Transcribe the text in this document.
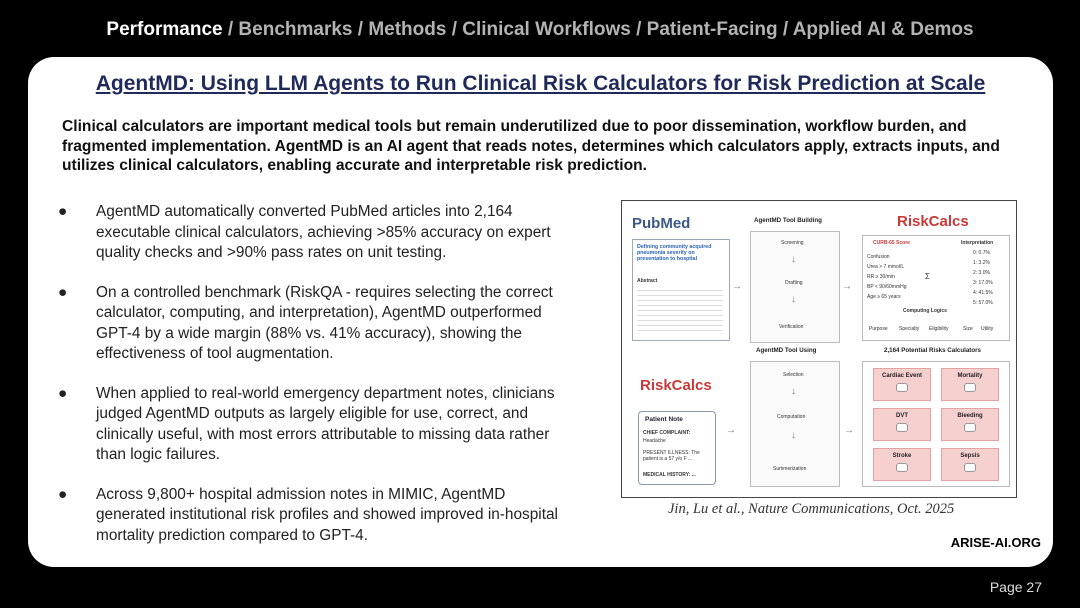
Performance / Benchmarks / Methods / Clinical Workflows / Patient-Facing / Applied AI & Demos
AgentMD: Using LLM Agents to Run Clinical Risk Calculators for Risk Prediction at Scale
Clinical calculators are important medical tools but remain underutilized due to poor dissemination, workflow burden, and fragmented implementation. AgentMD is an AI agent that reads notes, determines which calculators apply, extracts inputs, and utilizes clinical calculators, enabling accurate and interpretable risk prediction.
● AgentMD automatically converted PubMed articles into 2,164 executable clinical calculators, achieving >85% accuracy on expert quality checks and >90% pass rates on unit testing.
● On a controlled benchmark (RiskQA - requires selecting the correct calculator, computing, and interpretation), AgentMD outperformed GPT-4 by a wide margin (88% vs. 41% accuracy), showing the effectiveness of tool augmentation.
● When applied to real-world emergency department notes, clinicians judged AgentMD outputs as largely eligible for use, correct, and clinically useful, with most errors attributable to missing data rather than logic failures.
● Across 9,800+ hospital admission notes in MIMIC, AgentMD generated institutional risk profiles and showed improved in-hospital mortality prediction compared to GPT-4.
PubMed
Defining community acquired pneumonia severity on presentation to hospital
Abstract	→
AgentMD Tool Building
Screening
↓
Drafting
↓
Verification
→
RiskCalcs
CURB-65 Score	Interpretation
Confusion
Urea > 7 mmol/L
RR ≥ 30/min
BP < 90/60mmHg
Age ≥ 65 years
Σ
0: 0.7%
1: 3.2%
2: 3.0%
3: 17.0%
4: 41.5%
5: 57.0%
Computing Logics
Purpose Specialty Eligibility	Size Utility
RiskCalcs
Patient Note
CHIEF COMPLAINT:
Headache
PRESENT ILLNESS: The patient is a 57 y/o F ...
MEDICAL HISTORY: ...
→
AgentMD Tool Using
Selection
↓
Computation
↓
Summerization
→
2,164 Potential Risks Calculators
Cardiac Event	Mortality
DVT	Bleeding
Stroke	Sepsis
Jin, Lu et al., Nature Communications, Oct. 2025
ARISE-AI.ORG
Page 27
